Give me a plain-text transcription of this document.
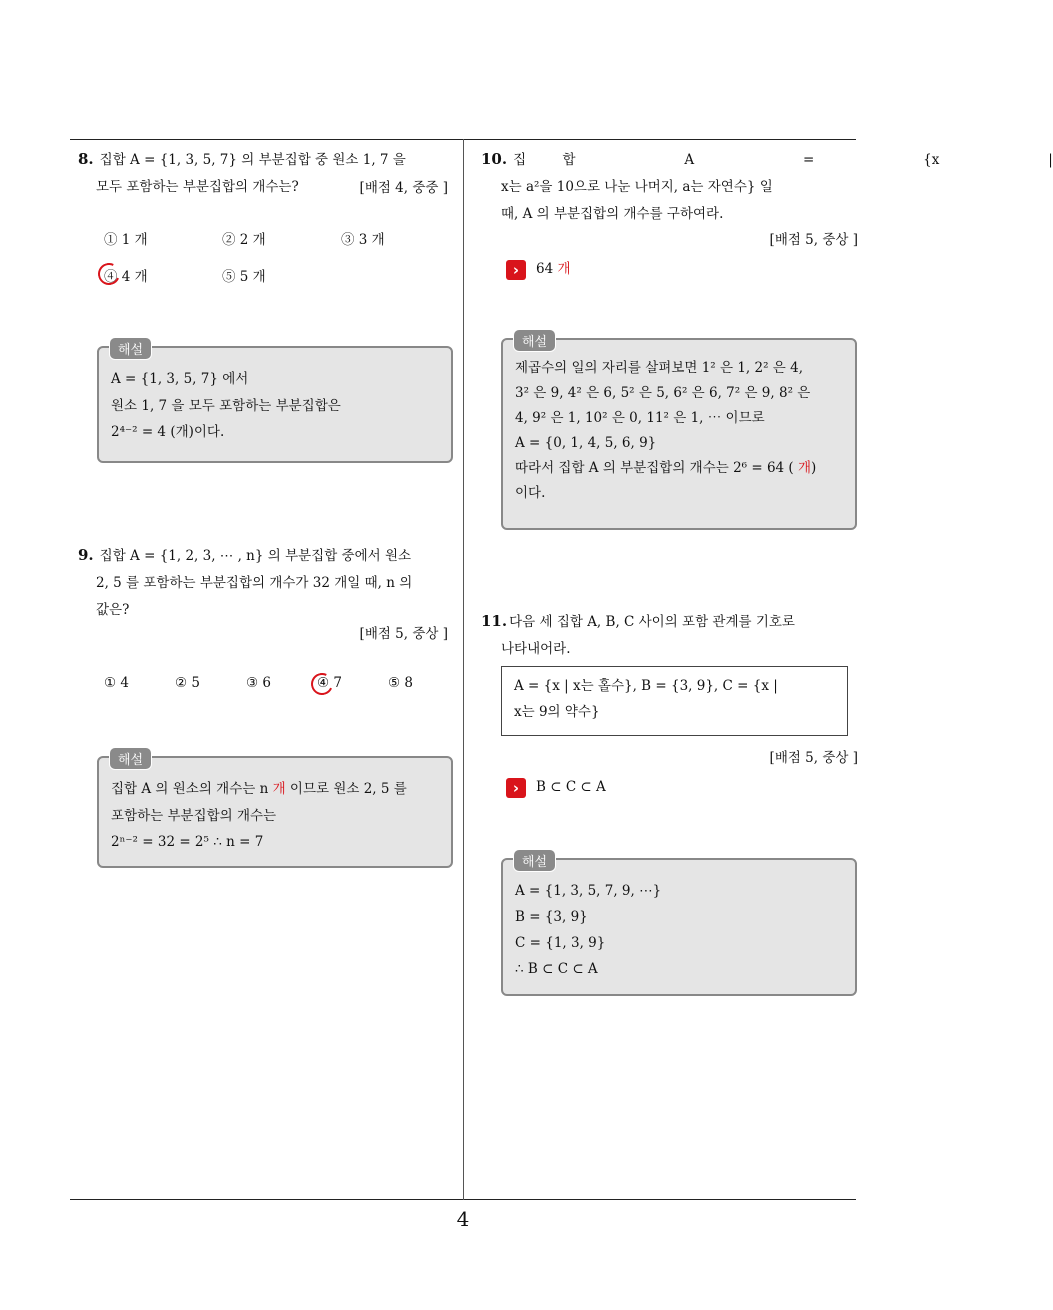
8. 집합 A = {1, 3, 5, 7} 의 부분집합 중 원소 1, 7 을
모두 포함하는 부분집합의 개수는?	[배점 4, 중중 ]
① 1 개	② 2 개	③ 3 개
④ 4 개	⑤ 5 개
해설
A = {1, 3, 5, 7} 에서
원소 1, 7 을 모두 포함하는 부분집합은
2⁴⁻² = 4 (개)이다.
9. 집합 A = {1, 2, 3, ⋯ , n} 의 부분집합 중에서 원소
2, 5 를 포함하는 부분집합의 개수가 32 개일 때, n 의
값은?
[배점 5, 중상 ]
① 4	② 5	③ 6	④ 7	⑤ 8
해설
집합 A 의 원소의 개수는 n 개 이므로 원소 2, 5 를
포함하는 부분집합의 개수는
2ⁿ⁻² = 32 = 2⁵ ∴ n = 7
10. 집 합   A   =   {x   |
x는 a²을 10으로 나눈 나머지, a는 자연수} 일
때, A 의 부분집합의 개수를 구하여라.
[배점 5, 중상 ]
› 64 개
해설
제곱수의 일의 자리를 살펴보면 1² 은 1, 2² 은 4,
3² 은 9, 4² 은 6, 5² 은 5, 6² 은 6, 7² 은 9, 8² 은
4, 9² 은 1, 10² 은 0, 11² 은 1, ⋯ 이므로
A = {0, 1, 4, 5, 6, 9}
따라서 집합 A 의 부분집합의 개수는 2⁶ = 64 ( 개)
이다.
11. 다음 세 집합 A, B, C 사이의 포함 관계를 기호로
나타내어라.
A = {x | x는 홀수}, B = {3, 9}, C = {x |
x는 9의 약수}
[배점 5, 중상 ]
› B ⊂ C ⊂ A
해설
A = {1, 3, 5, 7, 9, ⋯}
B = {3, 9}
C = {1, 3, 9}
∴ B ⊂ C ⊂ A
4
